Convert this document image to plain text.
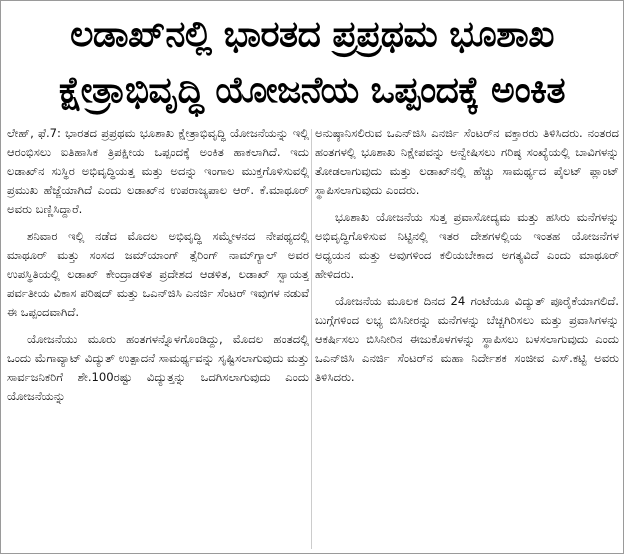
ಲಡಾಖ್‌ನಲ್ಲಿ ಭಾರತದ ಪ್ರಪ್ರಥಮ ಭೂಶಾಖ
ಕ್ಷೇತ್ರಾಭಿವೃದ್ಧಿ ಯೋಜನೆಯ ಒಪ್ಪಂದಕ್ಕೆ ಅಂಕಿತ

ಲೇಹ್, ಫೆ.7: ಭಾರತದ ಪ್ರಪ್ರಥಮ ಭೂಶಾಖ ಕ್ಷೇತ್ರಾಭಿವೃದ್ಧಿ ಯೋಜನೆಯನ್ನು ಇಲ್ಲಿ ಆರಂಭಿಸಲು ಐತಿಹಾಸಿಕ ತ್ರಿಪಕ್ಷೀಯ ಒಪ್ಪಂದಕ್ಕೆ ಅಂಕಿತ ಹಾಕಲಾಗಿದೆ. ಇದು ಲಡಾಖ್‌ನ ಸುಸ್ಥಿರ ಅಭಿವೃದ್ಧಿಯತ್ತ ಮತ್ತು ಅದನ್ನು ಇಂಗಾಲ ಮುಕ್ತಗೊಳಿಸುವಲ್ಲಿ ಪ್ರಮುಖ ಹೆಜ್ಜೆಯಾಗಿದೆ ಎಂದು ಲಡಾಖ್‌ನ ಉಪರಾಜ್ಯಪಾಲ ಆರ್. ಕೆ.ಮಾಥೂರ್ ಅವರು ಬಣ್ಣಿಸಿದ್ದಾರೆ.

ಶನಿವಾರ ಇಲ್ಲಿ ನಡೆದ ಮೊದಲ ಅಭಿವೃದ್ಧಿ ಸಮ್ಮೇಳನದ ನೇಪಥ್ಯದಲ್ಲಿ ಮಾಥೂರ್ ಮತ್ತು ಸಂಸದ ಜಮ್‌ಯಾಂಗ್ ತ್ಸೆರಿಂಗ್ ನಾಮ್‌ಗ್ಯಾಲ್ ಅವರ ಉಪಸ್ಥಿತಿಯಲ್ಲಿ ಲಡಾಖ್ ಕೇಂದ್ರಾಡಳಿತ ಪ್ರದೇಶದ ಆಡಳಿತ, ಲಡಾಖ್ ಸ್ವಾಯತ್ತ ಪರ್ವತೀಯ ವಿಕಾಸ ಪರಿಷದ್ ಮತ್ತು ಒಎನ್‌ಜಿಸಿ ಎನರ್ಜಿ ಸೆಂಟರ್ ಇವುಗಳ ನಡುವೆ ಈ ಒಪ್ಪಂದವಾಗಿದೆ.

ಯೋಜನೆಯು ಮೂರು ಹಂತಗಳನ್ನೊಳಗೊಂಡಿದ್ದು, ಮೊದಲ ಹಂತದಲ್ಲಿ ಒಂದು ಮೆಗಾವ್ಯಾಟ್ ವಿದ್ಯುತ್ ಉತ್ಪಾದನೆ ಸಾಮರ್ಥ್ಯವನ್ನು ಸೃಷ್ಟಿಸಲಾಗುವುದು ಮತ್ತು ಸಾರ್ವಜನಿಕರಿಗೆ ಶೇ.100ರಷ್ಟು ವಿದ್ಯುತ್ತನ್ನು ಒದಗಿಸಲಾಗುವುದು ಎಂದು ಯೋಜನೆಯನ್ನು

ಅನುಷ್ಠಾನಿಸಲಿರುವ ಒಎನ್‌ಜಿಸಿ ಎನರ್ಜಿ ಸೆಂಟರ್‌ನ ವಕ್ತಾರರು ತಿಳಿಸಿದರು. ನಂತರದ ಹಂತಗಳಲ್ಲಿ ಭೂಶಾಖ ನಿಕ್ಷೇಪವನ್ನು ಅನ್ವೇಷಿಸಲು ಗರಿಷ್ಠ ಸಂಖ್ಯೆಯಲ್ಲಿ ಬಾವಿಗಳನ್ನು ತೋಡಲಾಗುವುದು ಮತ್ತು ಲಡಾಖ್‌ನಲ್ಲಿ ಹೆಚ್ಚು ಸಾಮರ್ಥ್ಯದ ಪೈಲಟ್ ಪ್ಲಾಂಟ್ ಸ್ಥಾಪಿಸಲಾಗುವುದು ಎಂದರು.

ಭೂಶಾಖ ಯೋಜನೆಯ ಸುತ್ತ ಪ್ರವಾಸೋದ್ಯಮ ಮತ್ತು ಹಸಿರು ಮನೆಗಳನ್ನು ಅಭಿವೃದ್ಧಿಗೊಳಿಸುವ ನಿಟ್ಟಿನಲ್ಲಿ ಇತರ ದೇಶಗಳಲ್ಲಿಯ ಇಂತಹ ಯೋಜನೆಗಳ ಅಧ್ಯಯನ ಮತ್ತು ಅವುಗಳಿಂದ ಕಲಿಯಬೇಕಾದ ಅಗತ್ಯವಿದೆ ಎಂದು ಮಾಥೂರ್ ಹೇಳಿದರು.

ಯೋಜನೆಯ ಮೂಲಕ ದಿನದ 24 ಗಂಟೆಯೂ ವಿದ್ಯುತ್ ಪೂರೈಕೆಯಾಗಲಿದೆ. ಬುಗ್ಗೆಗಳಿಂದ ಲಭ್ಯ ಬಿಸಿನೀರನ್ನು ಮನೆಗಳನ್ನು ಬೆಚ್ಚಗಿರಿಸಲು ಮತ್ತು ಪ್ರವಾಸಿಗಳನ್ನು ಆಕರ್ಷಿಸಲು ಬಿಸಿನೀರಿನ ಈಜುಕೊಳಗಳನ್ನು ಸ್ಥಾಪಿಸಲು ಬಳಸಲಾಗುವುದು ಎಂದು ಒಎನ್‌ಜಿಸಿ ಎನರ್ಜಿ ಸೆಂಟರ್‌ನ ಮಹಾ ನಿರ್ದೇಶಕ ಸಂಜೀವ ಎಸ್.ಕಟ್ಟಿ ಅವರು ತಿಳಿಸಿದರು.
